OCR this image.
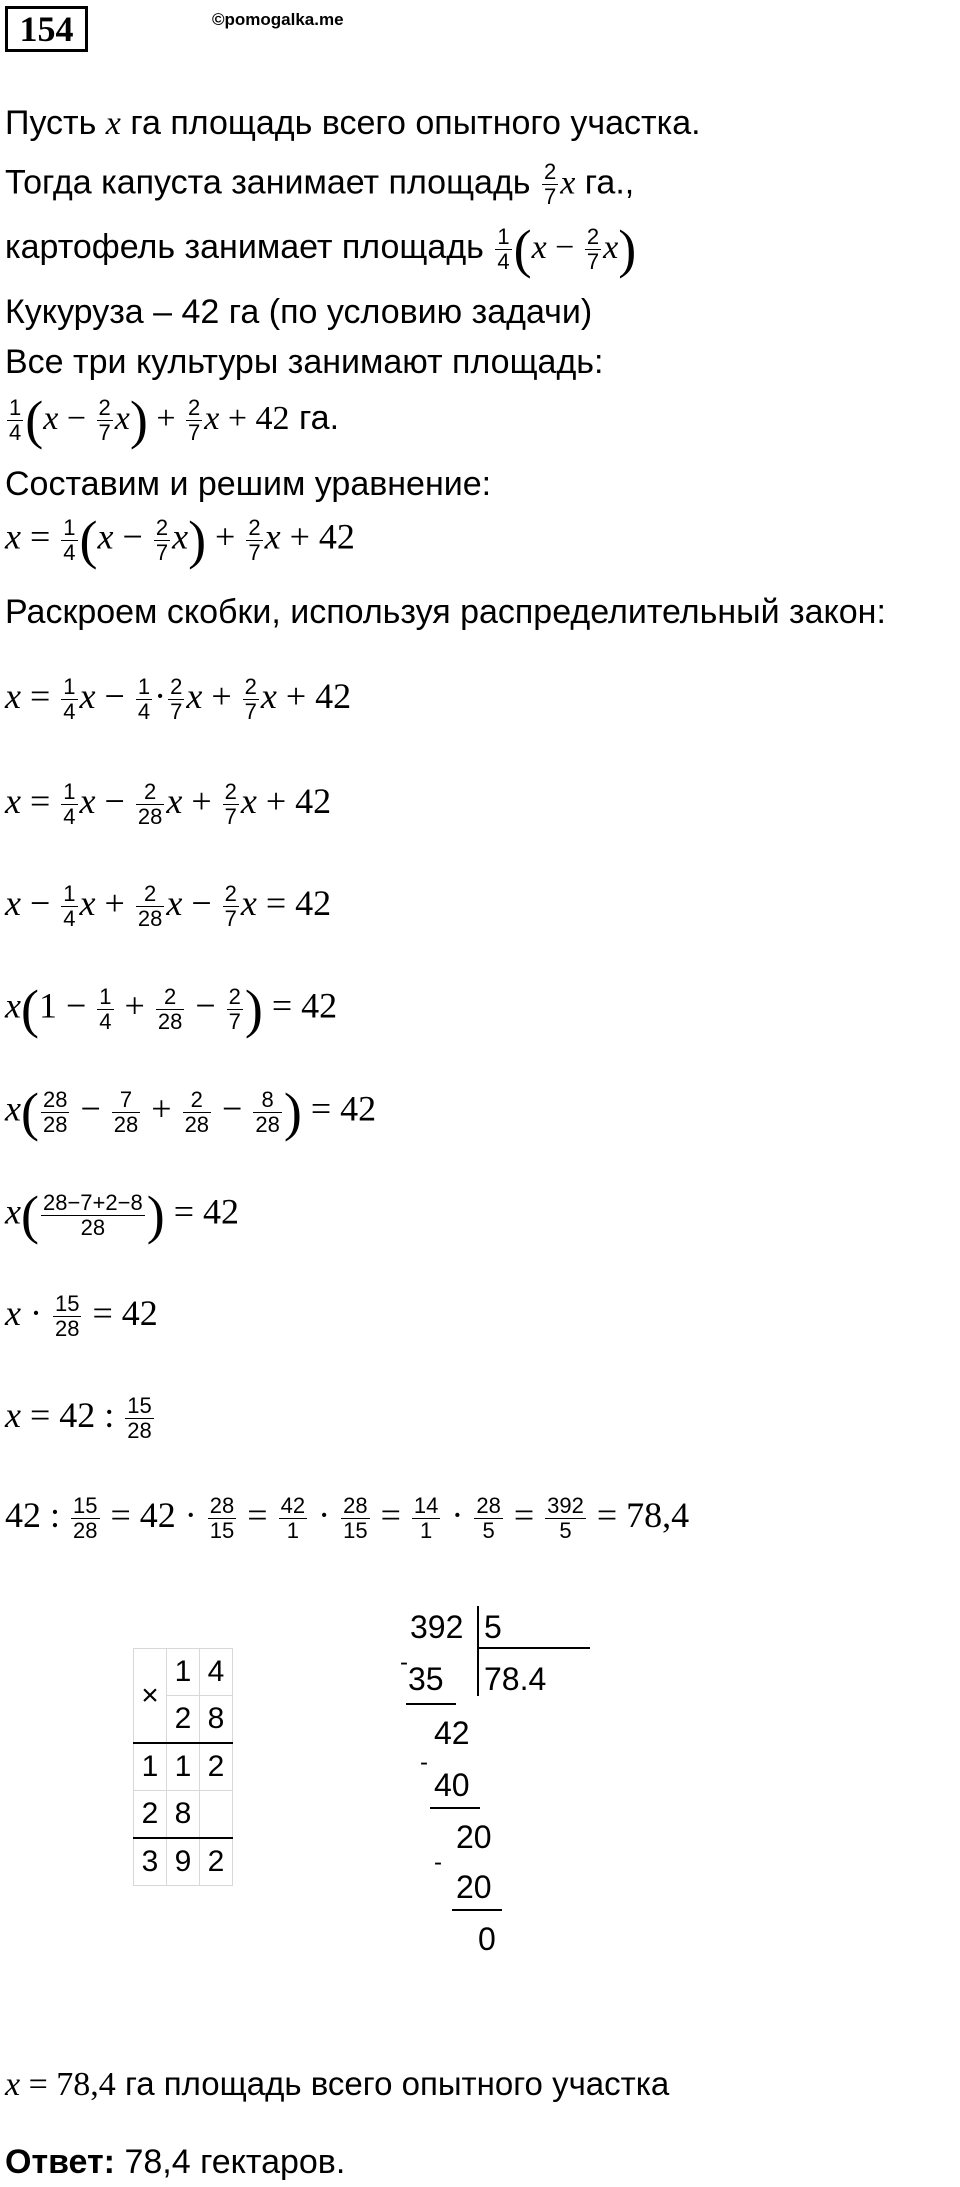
154	©pomogalka.me
Пусть x га площадь всего опытного участка.
Тогда капуста занимает площадь $\frac{2}{7}$ x га.,
картофель занимает площадь $\frac{1}{4} (x - \frac{2}{7} x)$
Кукуруза – 42 га (по условию задачи)
Все три культуры занимают площадь:
$\frac{1}{4} (x - \frac{2}{7} x) + \frac{2}{7}$ x + 42 га.
Составим и решим уравнение:
$x = \frac{1}{4} (x - \frac{2}{7} x) + \frac{2}{7}$ x + 42
Раскроем скобки, используя распределительный закон:
$x = \frac{1}{4}$ $x - \frac{1}{4} \cdot \frac{2}{7}$ $x + \frac{2}{7}$ x + 42
$x = \frac{1}{4}$ $x - \frac{2}{28}$ $x + \frac{2}{7}$ x + 42
$x - \frac{1}{4}$ $x + \frac{2}{28}$ $x - \frac{2}{7}$ x = 42
$x(1 - \frac{1}{4} + \frac{2}{28} - \frac{2}{7}$ ) = 42
$x( \frac{28}{28} - \frac{7}{28} + \frac{2}{28} - \frac{8}{28}$ ) = 42
$x( \frac{28-7+2-8}{28}$ ) = 42
$x \cdot \frac{15}{28} = 42$
x = 42 : $\frac{15}{28}$
42 : $\frac{15}{28} = 42 \cdot \frac{28}{15} = \frac{42}{1} \cdot \frac{28}{15} = \frac{14}{1} \cdot \frac{28}{5} = \frac{392}{5} = 78,4$
×	1	4
	2	8
1	1	2
2	8	
3	9	2
392 5
- 35 78.4
42
-
40
20
-
20
0
x = 78,4 га площадь всего опытного участка
Ответ: 78,4 гектаров.
